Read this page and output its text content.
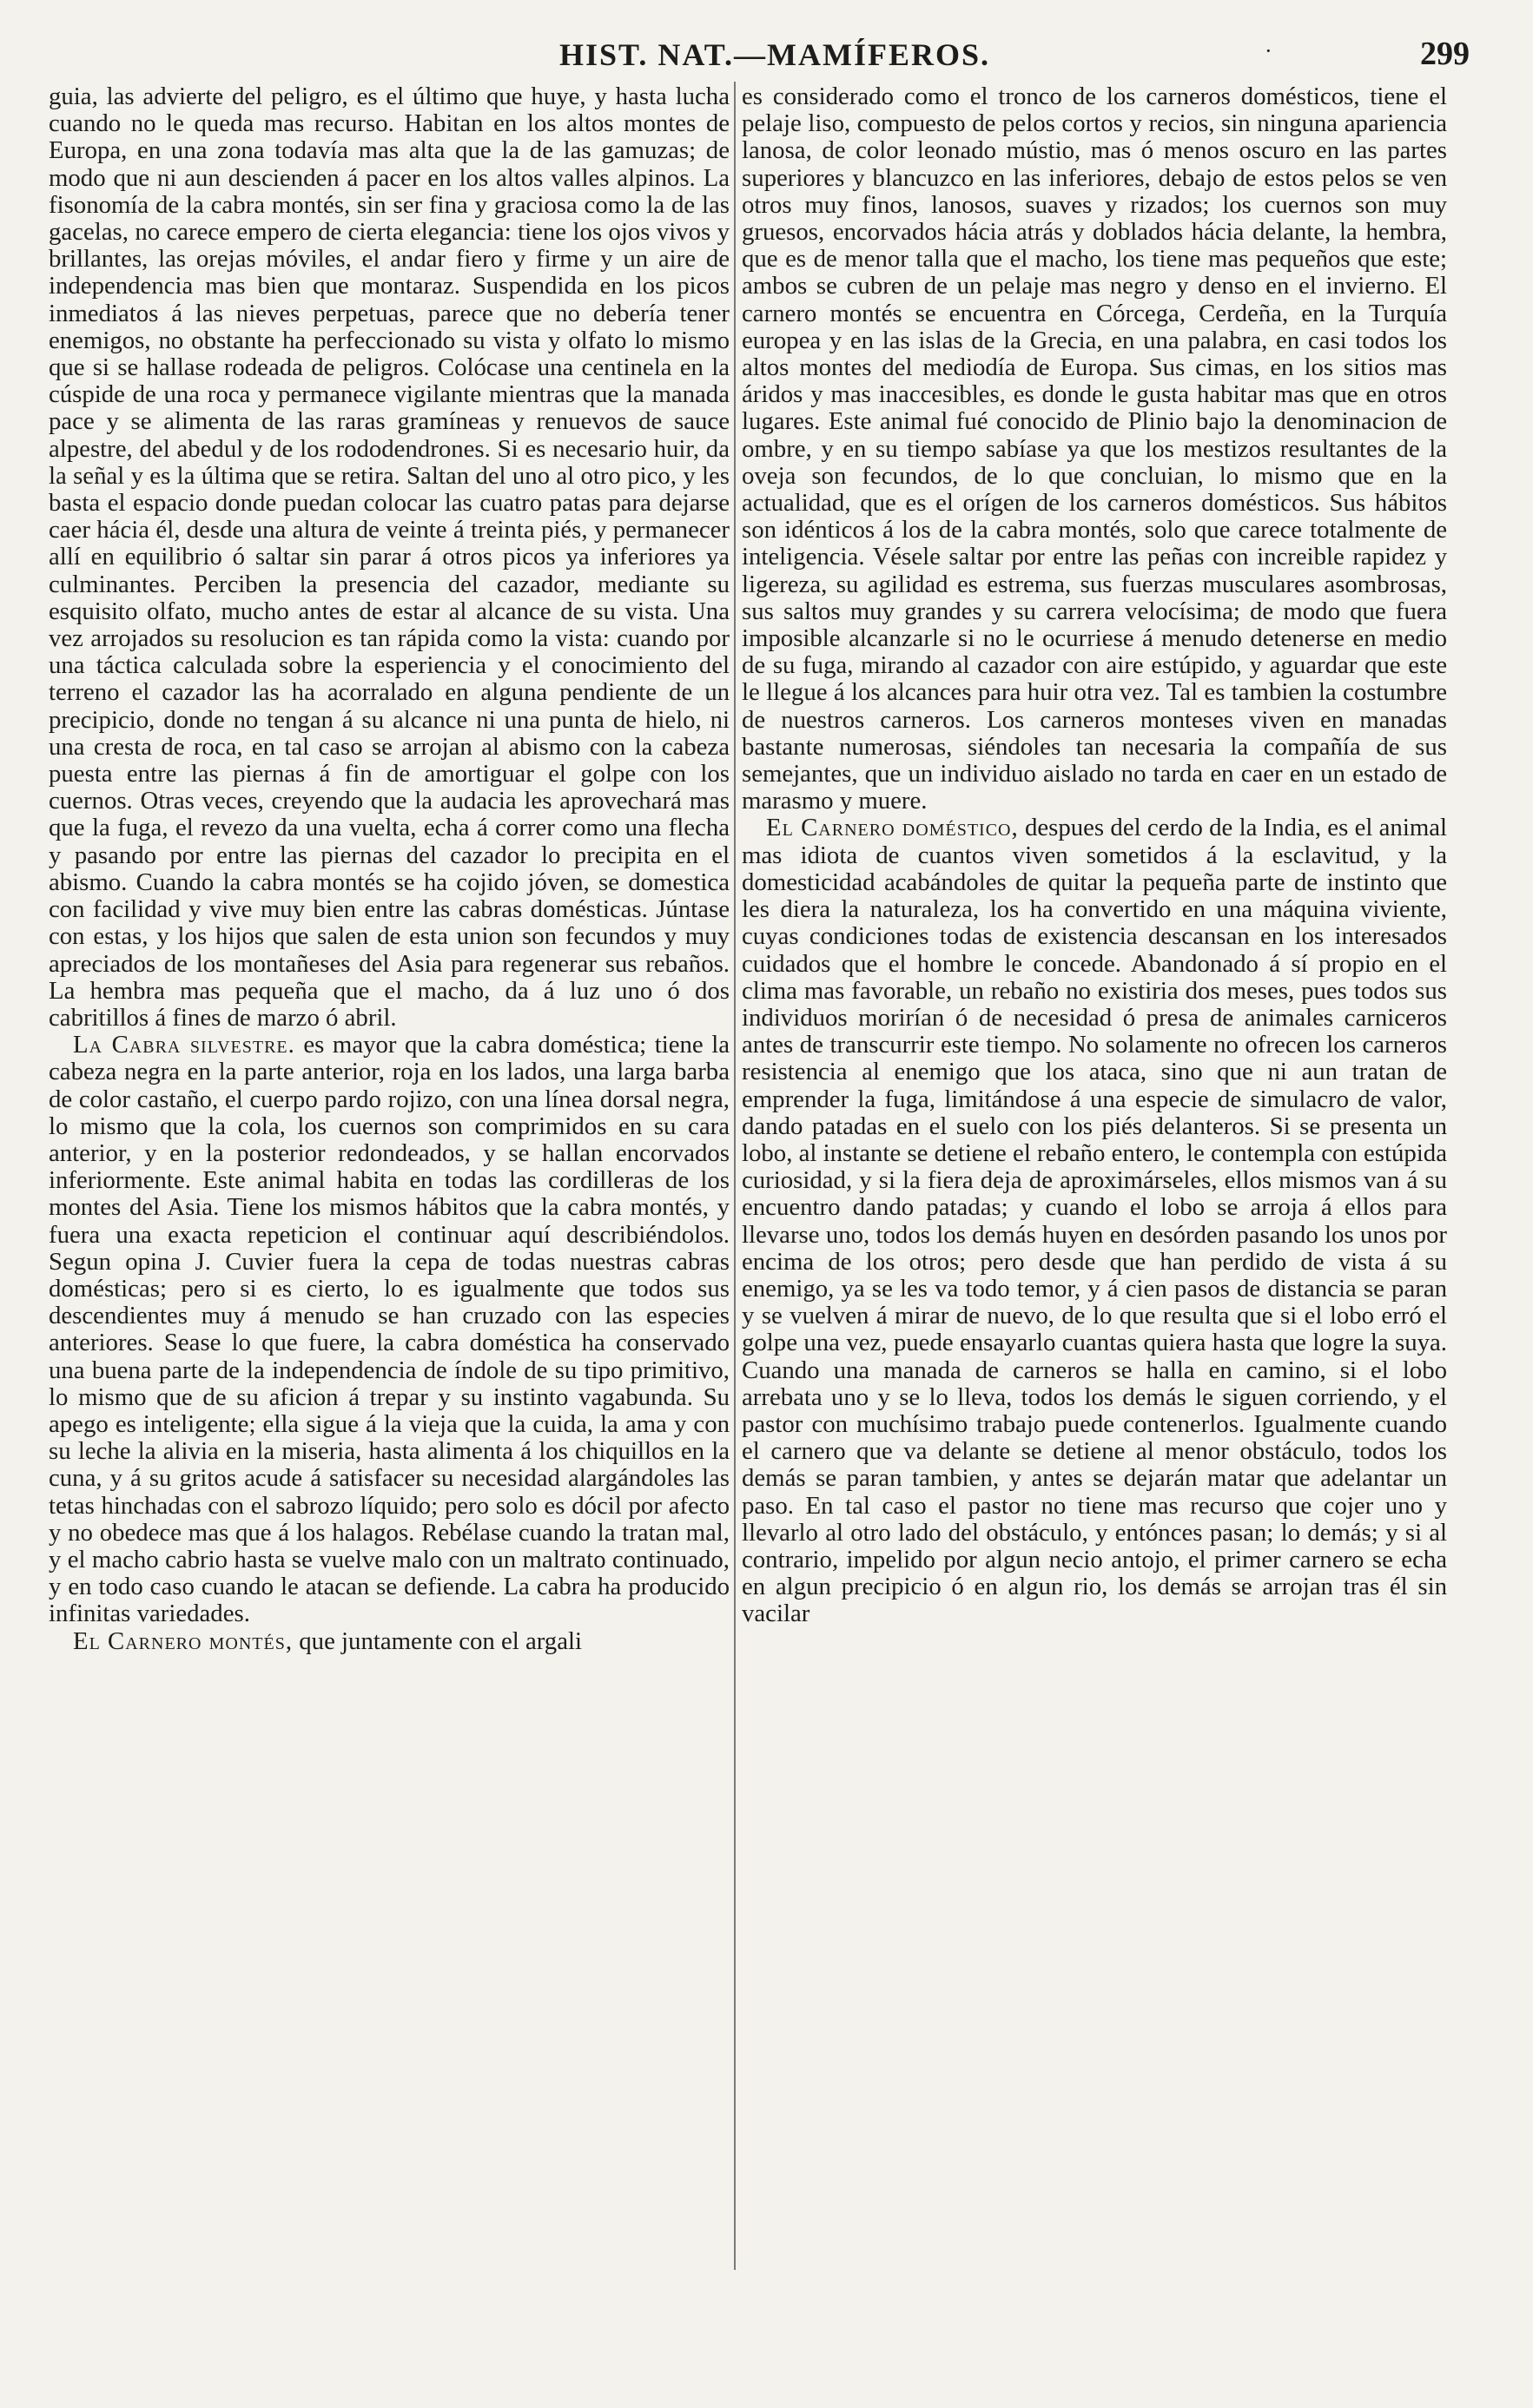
HIST. NAT.—MAMÍFEROS.	·	299

guia, las advierte del peligro, es el último que huye, y hasta lucha cuando no le queda mas recurso. Habitan en los altos montes de Europa, en una zona todavía mas alta que la de las gamuzas; de modo que ni aun descienden á pacer en los altos valles alpinos. La fisonomía de la cabra montés, sin ser fina y graciosa como la de las gacelas, no carece empero de cierta elegancia: tiene los ojos vivos y brillantes, las orejas móviles, el andar fiero y firme y un aire de independencia mas bien que montaraz. Suspendida en los picos inmediatos á las nieves perpetuas, parece que no debería tener enemigos, no obstante ha perfeccionado su vista y olfato lo mismo que si se hallase rodeada de peligros. Colócase una centinela en la cúspide de una roca y permanece vigilante mientras que la manada pace y se alimenta de las raras gramíneas y renuevos de sauce alpestre, del abedul y de los rododendrones. Si es necesario huir, da la señal y es la última que se retira. Saltan del uno al otro pico, y les basta el espacio donde puedan colocar las cuatro patas para dejarse caer hácia él, desde una altura de veinte á treinta piés, y permanecer allí en equilibrio ó saltar sin parar á otros picos ya inferiores ya culminantes. Perciben la presencia del cazador, mediante su esquisito olfato, mucho antes de estar al alcance de su vista. Una vez arrojados su resolucion es tan rápida como la vista: cuando por una táctica calculada sobre la esperiencia y el conocimiento del terreno el cazador las ha acorralado en alguna pendiente de un precipicio, donde no tengan á su alcance ni una punta de hielo, ni una cresta de roca, en tal caso se arrojan al abismo con la cabeza puesta entre las piernas á fin de amortiguar el golpe con los cuernos. Otras veces, creyendo que la audacia les aprovechará mas que la fuga, el revezo da una vuelta, echa á correr como una flecha y pasando por entre las piernas del cazador lo precipita en el abismo. Cuando la cabra montés se ha cojido jóven, se domestica con facilidad y vive muy bien entre las cabras domésticas. Júntase con estas, y los hijos que salen de esta union son fecundos y muy apreciados de los montañeses del Asia para regenerar sus rebaños. La hembra mas pequeña que el macho, da á luz uno ó dos cabritillos á fines de marzo ó abril.

La Cabra silvestre. es mayor que la cabra doméstica; tiene la cabeza negra en la parte anterior, roja en los lados, una larga barba de color castaño, el cuerpo pardo rojizo, con una línea dorsal negra, lo mismo que la cola, los cuernos son comprimidos en su cara anterior, y en la posterior redondeados, y se hallan encorvados inferiormente. Este animal habita en todas las cordilleras de los montes del Asia. Tiene los mismos hábitos que la cabra montés, y fuera una exacta repeticion el continuar aquí describiéndolos. Segun opina J. Cuvier fuera la cepa de todas nuestras cabras domésticas; pero si es cierto, lo es igualmente que todos sus descendientes muy á menudo se han cruzado con las especies anteriores. Sease lo que fuere, la cabra doméstica ha conservado una buena parte de la independencia de índole de su tipo primitivo, lo mismo que de su aficion á trepar y su instinto vagabunda. Su apego es inteligente; ella sigue á la vieja que la cuida, la ama y con su leche la alivia en la miseria, hasta alimenta á los chiquillos en la cuna, y á su gritos acude á satisfacer su necesidad alargándoles las tetas hinchadas con el sabrozo líquido; pero solo es dócil por afecto y no obedece mas que á los halagos. Rebélase cuando la tratan mal, y el macho cabrio hasta se vuelve malo con un maltrato continuado, y en todo caso cuando le atacan se defiende. La cabra ha producido infinitas variedades.

El Carnero montés, que juntamente con el argali

es considerado como el tronco de los carneros domésticos, tiene el pelaje liso, compuesto de pelos cortos y recios, sin ninguna apariencia lanosa, de color leonado mústio, mas ó menos oscuro en las partes superiores y blancuzco en las inferiores, debajo de estos pelos se ven otros muy finos, lanosos, suaves y rizados; los cuernos son muy gruesos, encorvados hácia atrás y doblados hácia delante, la hembra, que es de menor talla que el macho, los tiene mas pequeños que este; ambos se cubren de un pelaje mas negro y denso en el invierno. El carnero montés se encuentra en Córcega, Cerdeña, en la Turquía europea y en las islas de la Grecia, en una palabra, en casi todos los altos montes del mediodía de Europa. Sus cimas, en los sitios mas áridos y mas inaccesibles, es donde le gusta habitar mas que en otros lugares. Este animal fué conocido de Plinio bajo la denominacion de ombre, y en su tiempo sabíase ya que los mestizos resultantes de la oveja son fecundos, de lo que concluian, lo mismo que en la actualidad, que es el orígen de los carneros domésticos. Sus hábitos son idénticos á los de la cabra montés, solo que carece totalmente de inteligencia. Vésele saltar por entre las peñas con increible rapidez y ligereza, su agilidad es estrema, sus fuerzas musculares asombrosas, sus saltos muy grandes y su carrera velocísima; de modo que fuera imposible alcanzarle si no le ocurriese á menudo detenerse en medio de su fuga, mirando al cazador con aire estúpido, y aguardar que este le llegue á los alcances para huir otra vez. Tal es tambien la costumbre de nuestros carneros. Los carneros monteses viven en manadas bastante numerosas, siéndoles tan necesaria la compañía de sus semejantes, que un individuo aislado no tarda en caer en un estado de marasmo y muere.

El Carnero doméstico, despues del cerdo de la India, es el animal mas idiota de cuantos viven sometidos á la esclavitud, y la domesticidad acabándoles de quitar la pequeña parte de instinto que les diera la naturaleza, los ha convertido en una máquina viviente, cuyas condiciones todas de existencia descansan en los interesados cuidados que el hombre le concede. Abandonado á sí propio en el clima mas favorable, un rebaño no existiria dos meses, pues todos sus individuos morirían ó de necesidad ó presa de animales carniceros antes de transcurrir este tiempo. No solamente no ofrecen los carneros resistencia al enemigo que los ataca, sino que ni aun tratan de emprender la fuga, limitándose á una especie de simulacro de valor, dando patadas en el suelo con los piés delanteros. Si se presenta un lobo, al instante se detiene el rebaño entero, le contempla con estúpida curiosidad, y si la fiera deja de aproximárseles, ellos mismos van á su encuentro dando patadas; y cuando el lobo se arroja á ellos para llevarse uno, todos los demás huyen en desórden pasando los unos por encima de los otros; pero desde que han perdido de vista á su enemigo, ya se les va todo temor, y á cien pasos de distancia se paran y se vuelven á mirar de nuevo, de lo que resulta que si el lobo erró el golpe una vez, puede ensayarlo cuantas quiera hasta que logre la suya. Cuando una manada de carneros se halla en camino, si el lobo arrebata uno y se lo lleva, todos los demás le siguen corriendo, y el pastor con muchísimo trabajo puede contenerlos. Igualmente cuando el carnero que va delante se detiene al menor obstáculo, todos los demás se paran tambien, y antes se dejarán matar que adelantar un paso. En tal caso el pastor no tiene mas recurso que cojer uno y llevarlo al otro lado del obstáculo, y entónces pasan; lo demás; y si al contrario, impelido por algun necio antojo, el primer carnero se echa en algun precipicio ó en algun rio, los demás se arrojan tras él sin vacilar
